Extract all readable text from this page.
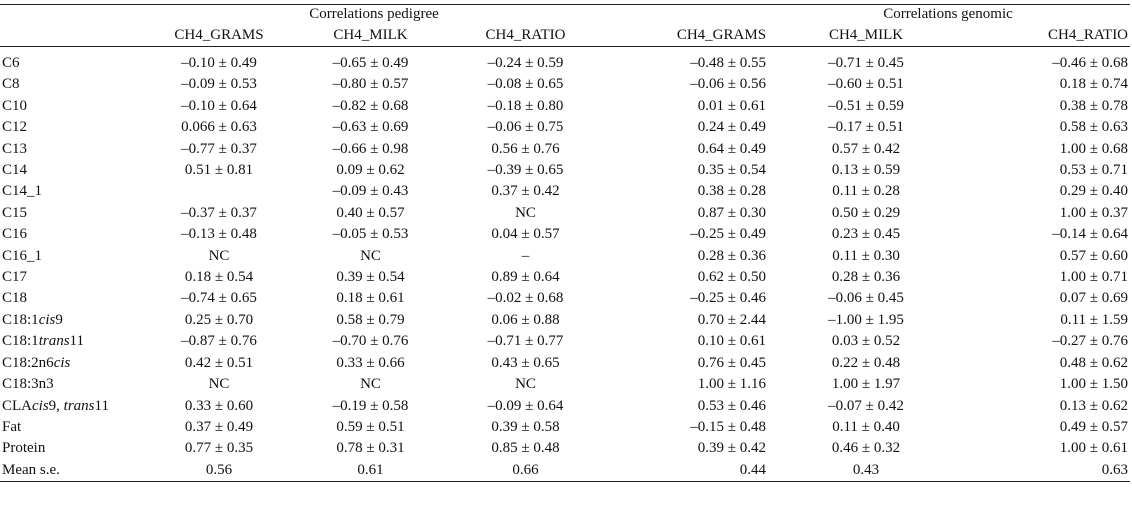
	Correlations pedigree				Correlations genomic	
	CH4_GRAMS	CH4_MILK	CH4_RATIO	CH4_GRAMS	CH4_MILK	CH4_RATIO
C6	–0.10 ± 0.49	–0.65 ± 0.49	–0.24 ± 0.59	–0.48 ± 0.55	–0.71 ± 0.45	–0.46 ± 0.68
C8	–0.09 ± 0.53	–0.80 ± 0.57	–0.08 ± 0.65	–0.06 ± 0.56	–0.60 ± 0.51	0.18 ± 0.74
C10	–0.10 ± 0.64	–0.82 ± 0.68	–0.18 ± 0.80	0.01 ± 0.61	–0.51 ± 0.59	0.38 ± 0.78
C12	0.066 ± 0.63	–0.63 ± 0.69	–0.06 ± 0.75	0.24 ± 0.49	–0.17 ± 0.51	0.58 ± 0.63
C13	–0.77 ± 0.37	–0.66 ± 0.98	0.56 ± 0.76	0.64 ± 0.49	0.57 ± 0.42	1.00 ± 0.68
C14	0.51 ± 0.81	0.09 ± 0.62	–0.39 ± 0.65	0.35 ± 0.54	0.13 ± 0.59	0.53 ± 0.71
C14_1		–0.09 ± 0.43	0.37 ± 0.42	0.38 ± 0.28	0.11 ± 0.28	0.29 ± 0.40
C15	–0.37 ± 0.37	0.40 ± 0.57	NC	0.87 ± 0.30	0.50 ± 0.29	1.00 ± 0.37
C16	–0.13 ± 0.48	–0.05 ± 0.53	0.04 ± 0.57	–0.25 ± 0.49	0.23 ± 0.45	–0.14 ± 0.64
C16_1	NC	NC	–	0.28 ± 0.36	0.11 ± 0.30	0.57 ± 0.60
C17	0.18 ± 0.54	0.39 ± 0.54	0.89 ± 0.64	0.62 ± 0.50	0.28 ± 0.36	1.00 ± 0.71
C18	–0.74 ± 0.65	0.18 ± 0.61	–0.02 ± 0.68	–0.25 ± 0.46	–0.06 ± 0.45	0.07 ± 0.69
C18:1cis9	0.25 ± 0.70	0.58 ± 0.79	0.06 ± 0.88	0.70 ± 2.44	–1.00 ± 1.95	0.11 ± 1.59
C18:1trans11	–0.87 ± 0.76	–0.70 ± 0.76	–0.71 ± 0.77	0.10 ± 0.61	0.03 ± 0.52	–0.27 ± 0.76
C18:2n6cis	0.42 ± 0.51	0.33 ± 0.66	0.43 ± 0.65	0.76 ± 0.45	0.22 ± 0.48	0.48 ± 0.62
C18:3n3	NC	NC	NC	1.00 ± 1.16	1.00 ± 1.97	1.00 ± 1.50
CLAcis9, trans11	0.33 ± 0.60	–0.19 ± 0.58	–0.09 ± 0.64	0.53 ± 0.46	–0.07 ± 0.42	0.13 ± 0.62
Fat	0.37 ± 0.49	0.59 ± 0.51	0.39 ± 0.58	–0.15 ± 0.48	0.11 ± 0.40	0.49 ± 0.57
Protein	0.77 ± 0.35	0.78 ± 0.31	0.85 ± 0.48	0.39 ± 0.42	0.46 ± 0.32	1.00 ± 0.61
Mean s.e.	0.56	0.61	0.66	0.44	0.43	0.63
